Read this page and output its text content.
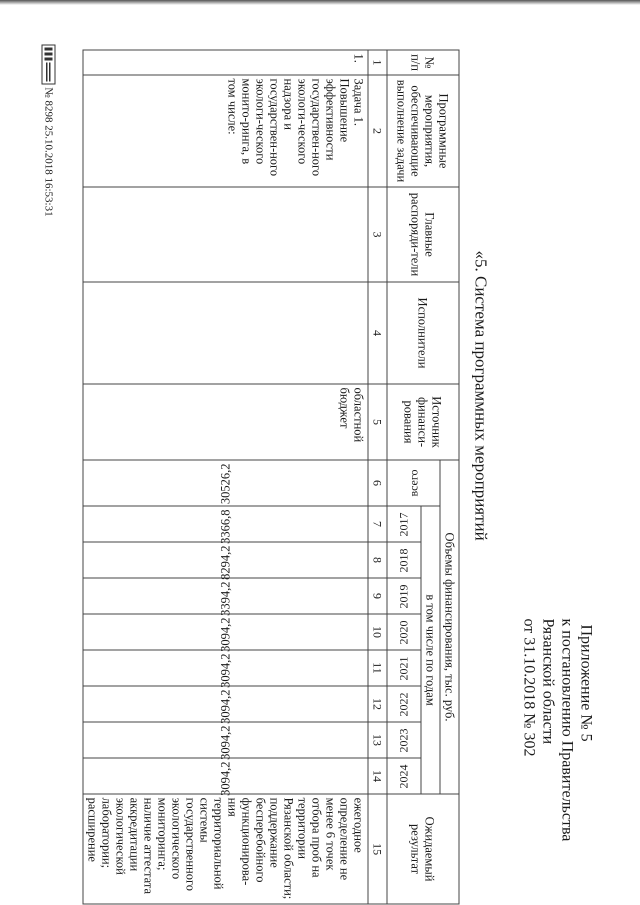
Приложение № 5
к постановлению Правительства
Рязанской области
от 31.10.2018 № 302
«5. Система программных мероприятий
№ п/п	Программные мероприятия, обеспечивающие выполнение задачи	Главные распоряди-тели	Исполнители	Источник финанси-рования	Объемы финансирования, тыс. руб.									Ожидаемый результат
					всего	в том числе по годам								
						2017	2018	2019	2020	2021	2022	2023	2024	
1	2	3	4	5	6	7	8	9	10	11	12	13	14	15
1.	Задача 1. Повышение эффективности государствен-ного экологи-ческого надзора и государствен-ного экологи-ческого монито-ринга, в том числе:			областной бюджет	30526,2	3366,8	8294,2	3394,2	3094,2	3094,2	3094,2	3094,2	3094,2	ежегодное определение не менее 6 точек отбора проб на территории Рязанской области; поддержание бесперебойного функционирова-ния территориальной системы государственного экологического мониторинга; наличие аттестата аккредитации экологической лаборатории; расширение
№ 8298 25.10.2018 16:53:31
